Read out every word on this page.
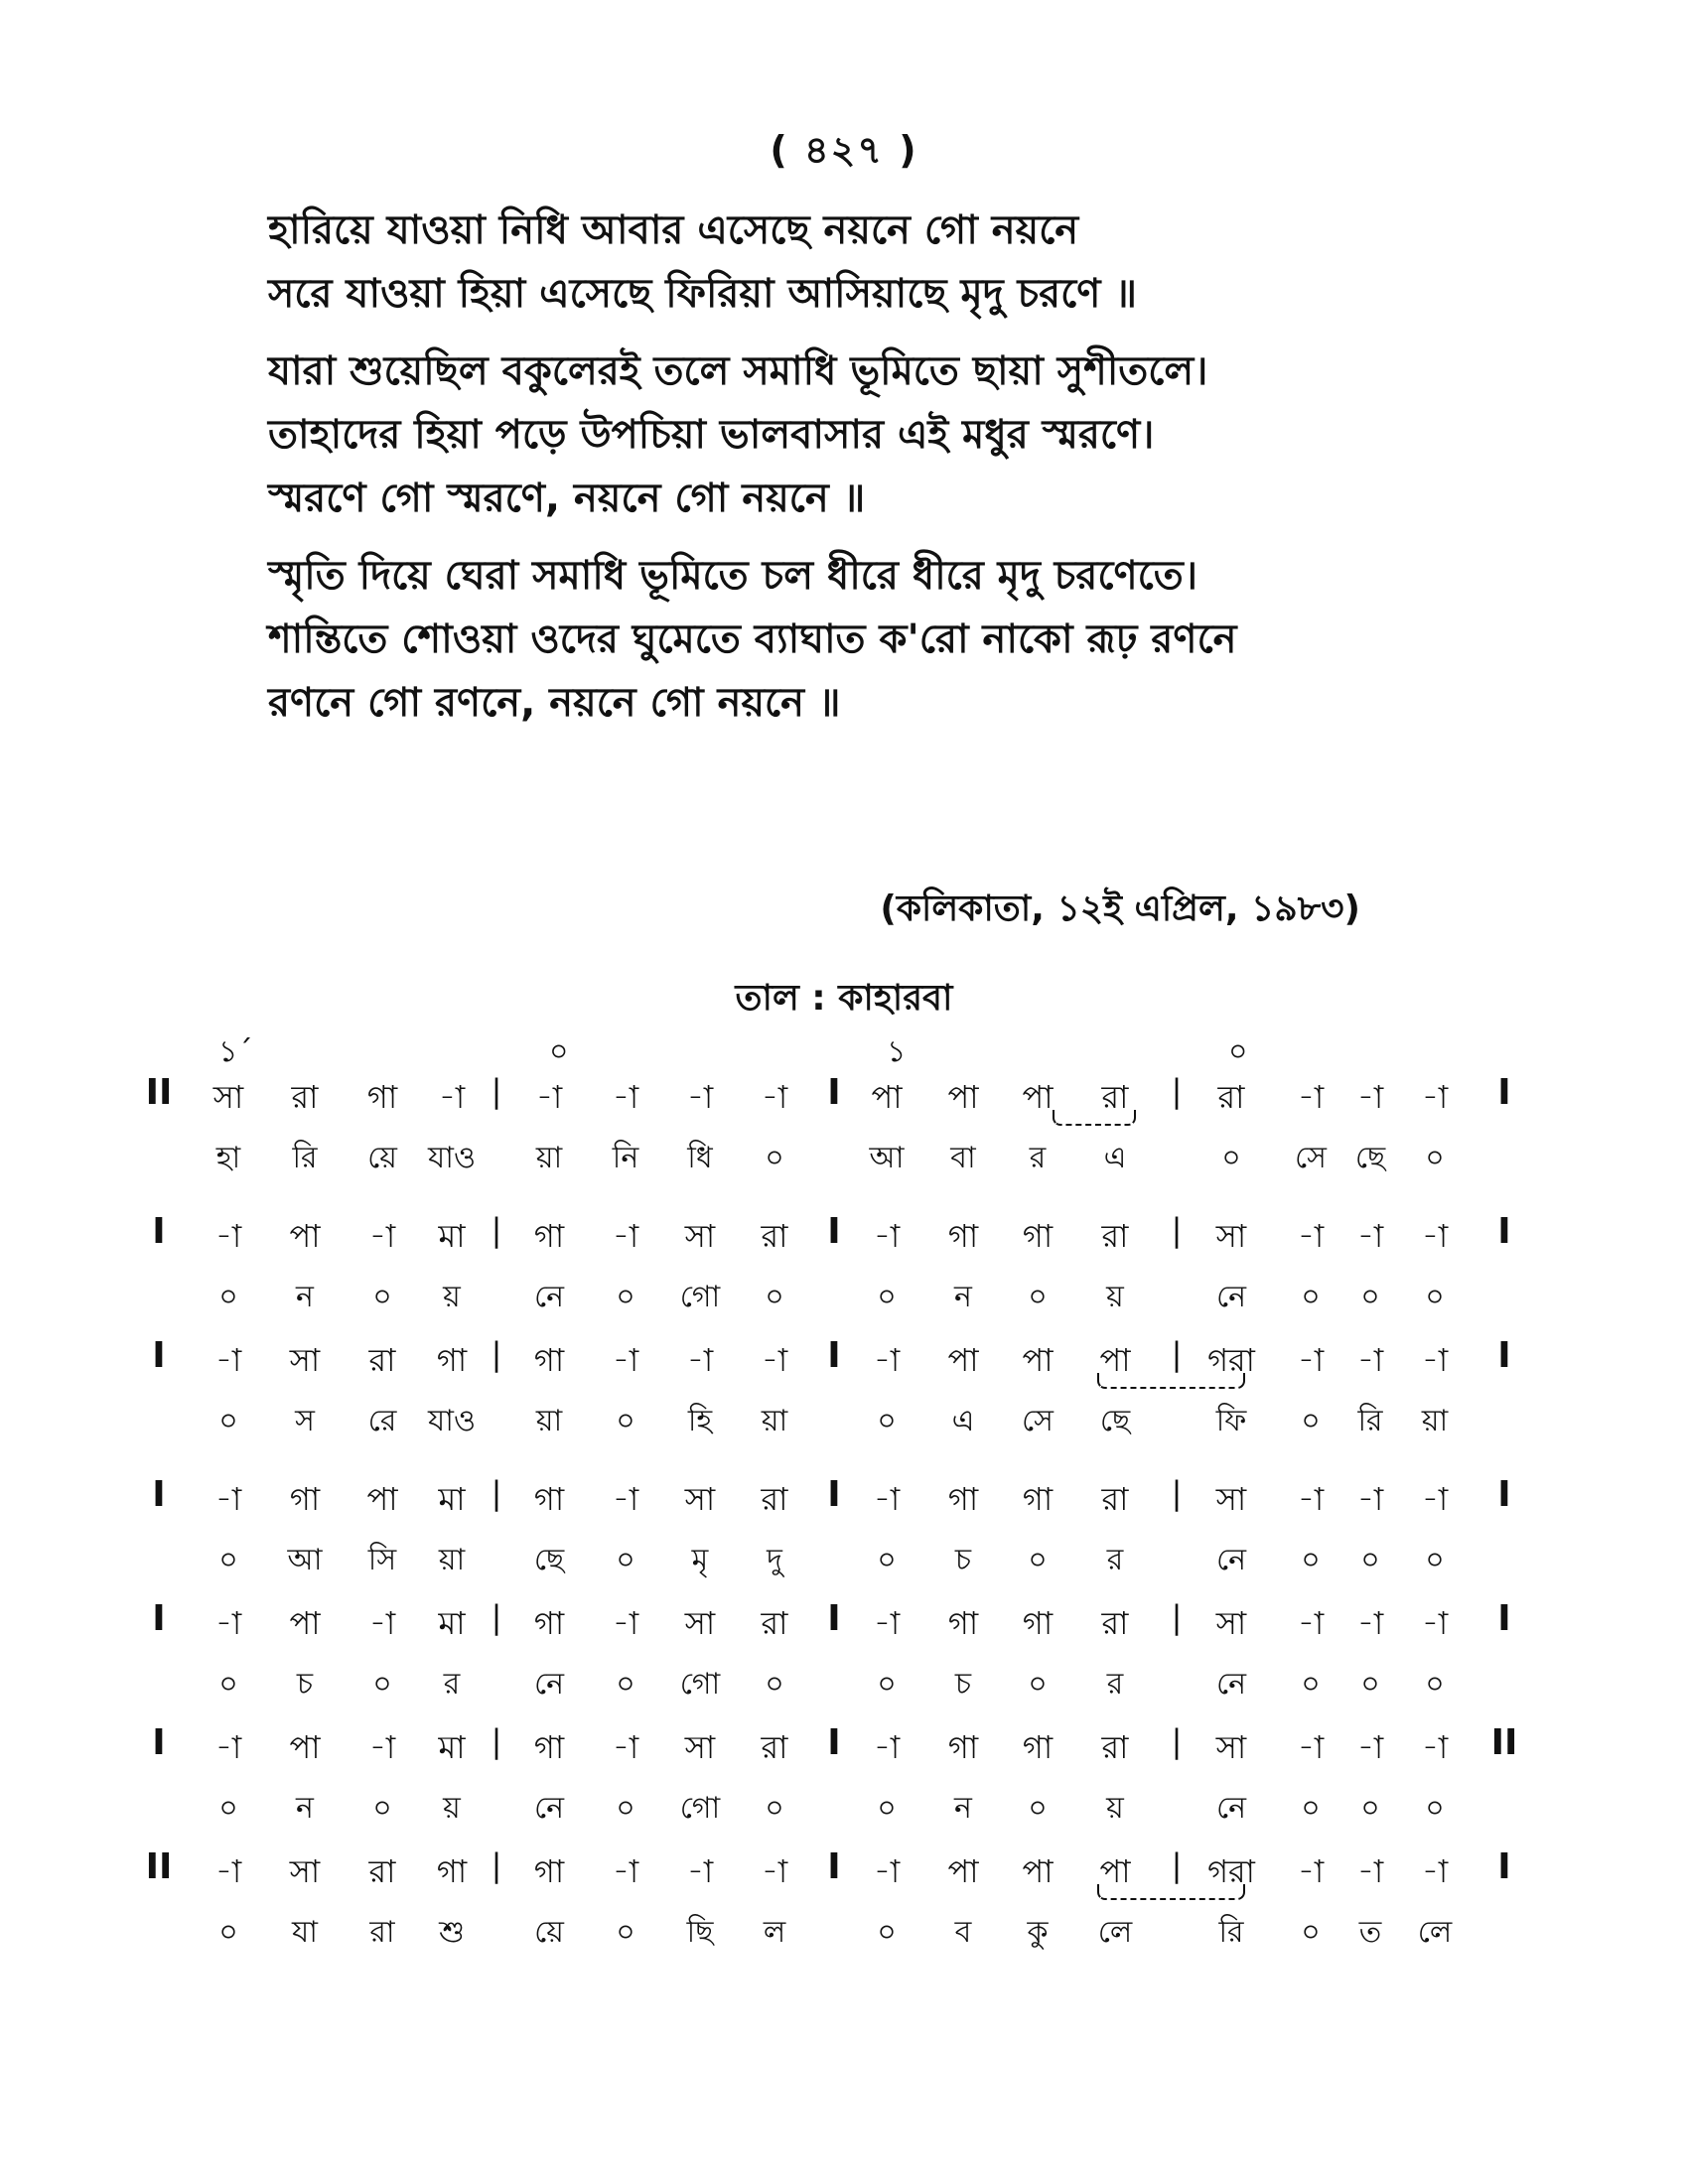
( ৪২৭ )
হারিয়ে যাওয়া নিধি আবার এসেছে নয়নে গো নয়নে
সরে যাওয়া হিয়া এসেছে ফিরিয়া আসিয়াছে মৃদু চরণে ॥
যারা শুয়েছিল বকুলেরই তলে সমাধি ভূমিতে ছায়া সুশীতলে।
তাহাদের হিয়া পড়ে উপচিয়া ভালবাসার এই মধুর স্মরণে।
স্মরণে গো স্মরণে, নয়নে গো নয়নে ॥
স্মৃতি দিয়ে ঘেরা সমাধি ভূমিতে চল ধীরে ধীরে মৃদু চরণেতে।
শান্তিতে শোওয়া ওদের ঘুমেতে ব্যাঘাত ক'রো নাকো রূঢ় রণনে
রণনে গো রণনে, নয়নে গো নয়নে ॥
(কলিকাতা, ১২ই এপ্রিল, ১৯৮৩)
তাল : কাহারবা
১´	০	১	০
II সা রা গা -া | -া -া -া -া I পা পা পা রা | রা -া -া -া I
হা রি য়ে যাও য়া নি ধি ০	আ বা র এ	০ সে ছে ০
I -া পা -া মা | গা -া সা রা I -া গা গা রা | সা -া -া -া I
০ ন ০ য় নে ০ গো ০	০ ন ০ য়	নে ০ ০ ০
I -া সা রা গা | গা -া -া -া I -া পা পা পা | গরা -া -া -া I
০ স রে যাও য়া ০ হি য়া	০ এ সে ছে	ফি ০ রি য়া
I -া গা পা মা | গা -া সা রা I -া গা গা রা | সা -া -া -া I
০ আ সি য়া ছে ০ মৃ দু	০ চ ০ র	নে ০ ০ ০
I -া পা -া মা | গা -া সা রা I -া গা গা রা | সা -া -া -া I
০ চ ০ র নে ০ গো ০	০ চ ০ র	নে ০ ০ ০
I -া পা -া মা | গা -া সা রা I -া গা গা রা | সা -া -া -া II
০ ন ০ য় নে ০ গো ০	০ ন ০ য়	নে ০ ০ ০
II -া সা রা গা | গা -া -া -া I -া পা পা পা | গরা -া -া -া I
০ যা রা শু য়ে ০ ছি ল	০ ব কু লে	রি ০ ত লে
